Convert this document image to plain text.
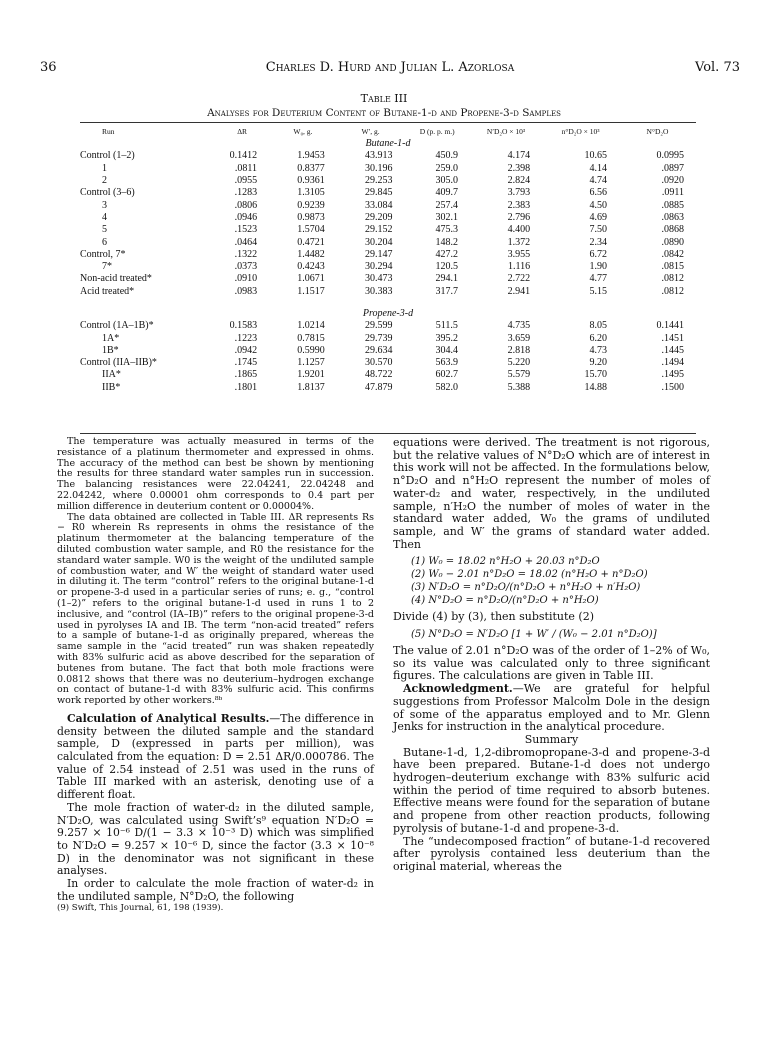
36	Charles D. Hurd and Julian L. Azorlosa	Vol. 73
Table III
Analyses for Deuterium Content of Butane-1-d and Propene-3-d Samples
Run	ΔR	W₀, g.	W′, g.	D (p. p. m.)	N′D₂O × 10³	n°D₂O × 10³	N°D₂O
Butane-1-d							
Control (1–2)	0.1412	1.9453	43.913	450.9	4.174	10.65	0.0995
1	.0811	0.8377	30.196	259.0	2.398	4.14	.0897
2	.0955	0.9361	29.253	305.0	2.824	4.74	.0920
Control (3–6)	.1283	1.3105	29.845	409.7	3.793	6.56	.0911
3	.0806	0.9239	33.084	257.4	2.383	4.50	.0885
4	.0946	0.9873	29.209	302.1	2.796	4.69	.0863
5	.1523	1.5704	29.152	475.3	4.400	7.50	.0868
6	.0464	0.4721	30.204	148.2	1.372	2.34	.0890
Control, 7*	.1322	1.4482	29.147	427.2	3.955	6.72	.0842
7*	.0373	0.4243	30.294	120.5	1.116	1.90	.0815
Non-acid treated*	.0910	1.0671	30.473	294.1	2.722	4.77	.0812
Acid treated*	.0983	1.1517	30.383	317.7	2.941	5.15	.0812
Propene-3-d							
Control (1A–1B)*	0.1583	1.0214	29.599	511.5	4.735	8.05	0.1441
1A*	.1223	0.7815	29.739	395.2	3.659	6.20	.1451
1B*	.0942	0.5990	29.634	304.4	2.818	4.73	.1445
Control (IIA–IIB)*	.1745	1.1257	30.570	563.9	5.220	9.20	.1494
IIA*	.1865	1.9201	48.722	602.7	5.579	15.70	.1495
IIB*	.1801	1.8137	47.879	582.0	5.388	14.88	.1500

The temperature was actually measured in terms of the resistance of a platinum thermometer and expressed in ohms. The accuracy of the method can best be shown by mentioning the results for three standard water samples run in succession. The balancing resistances were 22.04241, 22.04248 and 22.04242, where 0.00001 ohm corresponds to 0.4 part per million difference in deuterium content or 0.00004%.

The data obtained are collected in Table III. ΔR represents Rs − R0 wherein Rs represents in ohms the resistance of the platinum thermometer at the balancing temperature of the diluted combustion water sample, and R0 the resistance for the standard water sample. W0 is the weight of the undiluted sample of combustion water, and W′ the weight of standard water used in diluting it. The term “control” refers to the original butane-1-d or propene-3-d used in a particular series of runs; e. g., “control (1–2)” refers to the original butane-1-d used in runs 1 to 2 inclusive, and “control (IA–IB)” refers to the original propene-3-d used in pyrolyses IA and IB. The term “non-acid treated” refers to a sample of butane-1-d as originally prepared, whereas the same sample in the “acid treated” run was shaken repeatedly with 83% sulfuric acid as above described for the separation of butenes from butane. The fact that both mole fractions were 0.0812 shows that there was no deuterium–hydrogen exchange on contact of butane-1-d with 83% sulfuric acid. This confirms work reported by other workers.⁸ᵇ

Calculation of Analytical Results.—The difference in density between the diluted sample and the standard sample, D (expressed in parts per million), was calculated from the equation: D = 2.51 ΔR/0.000786. The value of 2.54 instead of 2.51 was used in the runs of Table III marked with an asterisk, denoting use of a different float.

The mole fraction of water-d₂ in the diluted sample, N′D₂O, was calculated using Swift’s⁹ equation N′D₂O = 9.257 × 10⁻⁶ D/(1 − 3.3 × 10⁻³ D) which was simplified to N′D₂O = 9.257 × 10⁻⁶ D, since the factor (3.3 × 10⁻⁸ D) in the denominator was not significant in these analyses.

In order to calculate the mole fraction of water-d₂ in the undiluted sample, N°D₂O, the following

(9) Swift, This Journal, 61, 198 (1939).

equations were derived. The treatment is not rigorous, but the relative values of N°D₂O which are of interest in this work will not be affected. In the formulations below, n°D₂O and n°H₂O represent the number of moles of water-d₂ and water, respectively, in the undiluted sample, n′H₂O the number of moles of water in the standard water added, W₀ the grams of undiluted sample, and W′ the grams of standard water added. Then

(1) W₀ = 18.02 n°H₂O + 20.03 n°D₂O
(2) W₀ − 2.01 n°D₂O = 18.02 (n°H₂O + n°D₂O)
(3) N′D₂O = n°D₂O/(n°D₂O + n°H₂O + n′H₂O)
(4) N°D₂O = n°D₂O/(n°D₂O + n°H₂O)

Divide (4) by (3), then substitute (2)

(5) N°D₂O = N′D₂O [1 + W′ / (W₀ − 2.01 n°D₂O)]

The value of 2.01 n°D₂O was of the order of 1–2% of W₀, so its value was calculated only to three significant figures. The calculations are given in Table III.

Acknowledgment.—We are grateful for helpful suggestions from Professor Malcolm Dole in the design of some of the apparatus employed and to Mr. Glenn Jenks for instruction in the analytical procedure.

Summary

Butane-1-d, 1,2-dibromopropane-3-d and propene-3-d have been prepared. Butane-1-d does not undergo hydrogen–deuterium exchange with 83% sulfuric acid within the period of time required to absorb butenes. Effective means were found for the separation of butane and propene from other reaction products, following pyrolysis of butane-1-d and propene-3-d.

The “undecomposed fraction” of butane-1-d recovered after pyrolysis contained less deuterium than the original material, whereas the
